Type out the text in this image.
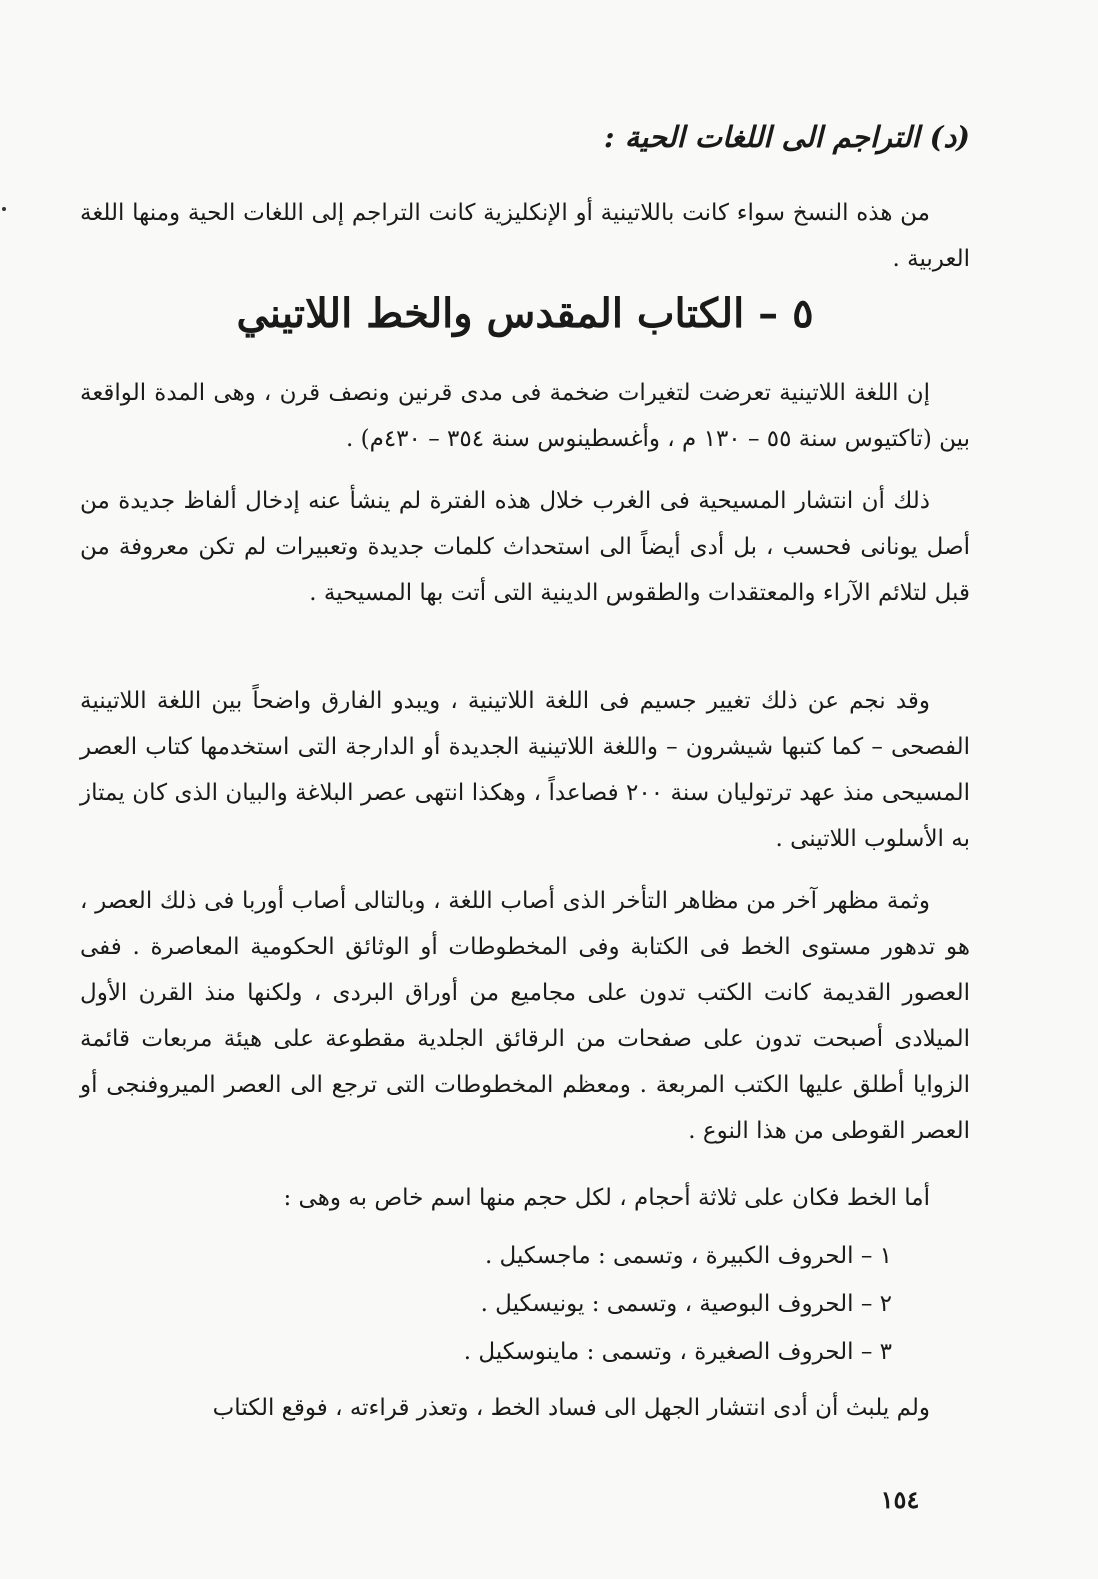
(د) التراجم الى اللغات الحية :

من هذه النسخ سواء كانت باللاتينية أو الإنكليزية كانت التراجم إلى اللغات الحية ومنها اللغة العربية .

٥ – الكتاب المقدس والخط اللاتيني

إن اللغة اللاتينية تعرضت لتغيرات ضخمة فى مدى قرنين ونصف قرن ، وهى المدة الواقعة بين (تاكتيوس سنة ٥٥ – ١٣٠ م ، وأغسطينوس سنة ٣٥٤ – ٤٣٠م) .

ذلك أن انتشار المسيحية فى الغرب خلال هذه الفترة لم ينشأ عنه إدخال ألفاظ جديدة من أصل يونانى فحسب ، بل أدى أيضاً الى استحداث كلمات جديدة وتعبيرات لم تكن معروفة من قبل لتلائم الآراء والمعتقدات والطقوس الدينية التى أتت بها المسيحية .

وقد نجم عن ذلك تغيير جسيم فى اللغة اللاتينية ، ويبدو الفارق واضحاً بين اللغة اللاتينية الفصحى – كما كتبها شيشرون – واللغة اللاتينية الجديدة أو الدارجة التى استخدمها كتاب العصر المسيحى منذ عهد ترتوليان سنة ٢٠٠ فصاعداً ، وهكذا انتهى عصر البلاغة والبيان الذى كان يمتاز به الأسلوب اللاتينى .

وثمة مظهر آخر من مظاهر التأخر الذى أصاب اللغة ، وبالتالى أصاب أوربا فى ذلك العصر ، هو تدهور مستوى الخط فى الكتابة وفى المخطوطات أو الوثائق الحكومية المعاصرة . ففى العصور القديمة كانت الكتب تدون على مجاميع من أوراق البردى ، ولكنها منذ القرن الأول الميلادى أصبحت تدون على صفحات من الرقائق الجلدية مقطوعة على هيئة مربعات قائمة الزوايا أطلق عليها الكتب المربعة . ومعظم المخطوطات التى ترجع الى العصر الميروفنجى أو العصر القوطى من هذا النوع .

أما الخط فكان على ثلاثة أحجام ، لكل حجم منها اسم خاص به وهى :

١ – الحروف الكبيرة ، وتسمى : ماجسكيل .
٢ – الحروف البوصية ، وتسمى : يونيسكيل .
٣ – الحروف الصغيرة ، وتسمى : ماينوسكيل .

ولم يلبث أن أدى انتشار الجهل الى فساد الخط ، وتعذر قراءته ، فوقع الكتاب

١٥٤
